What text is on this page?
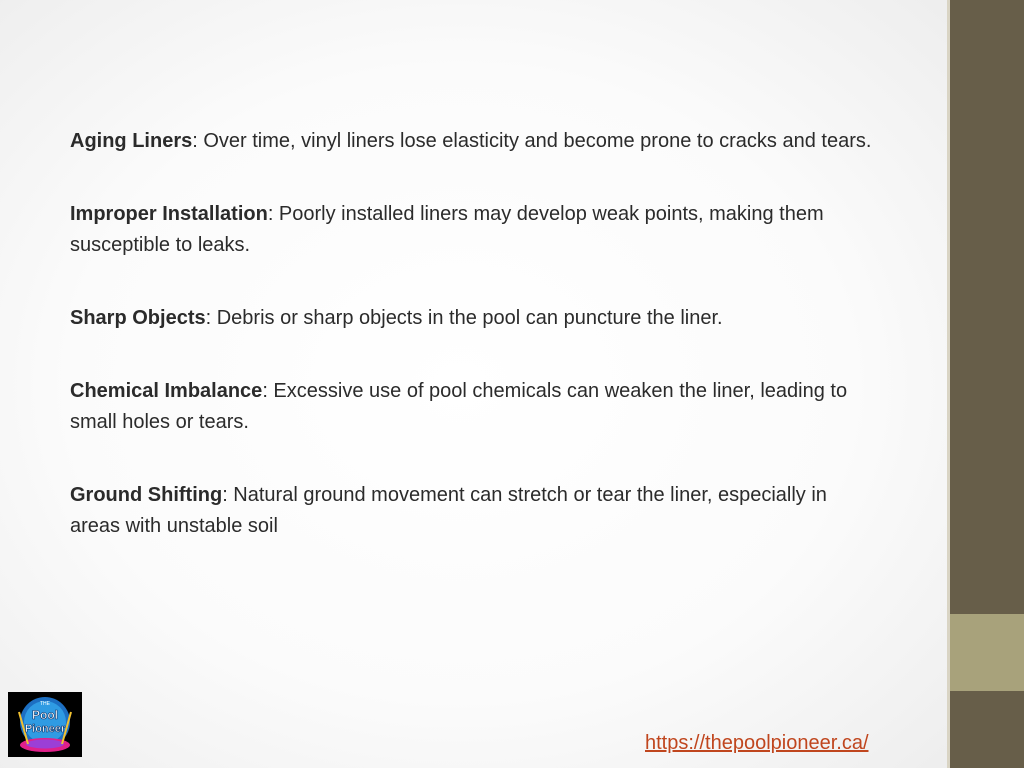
Aging Liners: Over time, vinyl liners lose elasticity and become prone to cracks and tears.

Improper Installation: Poorly installed liners may develop weak points, making them susceptible to leaks.

Sharp Objects: Debris or sharp objects in the pool can puncture the liner.

Chemical Imbalance: Excessive use of pool chemicals can weaken the liner, leading to small holes or tears.

Ground Shifting: Natural ground movement can stretch or tear the liner, especially in areas with unstable soil

THE
Pool
Pioneer
https://thepoolpioneer.ca/
